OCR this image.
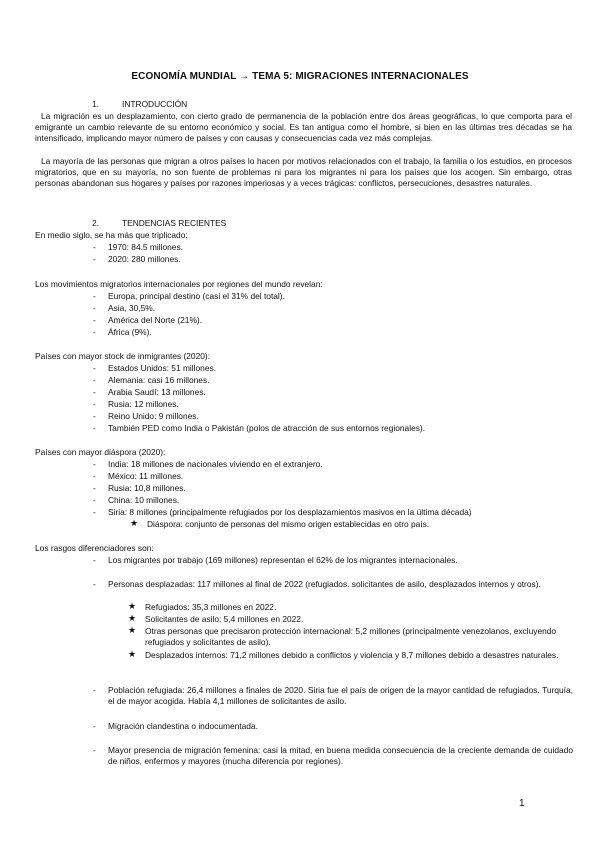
ECONOMÍA MUNDIAL → TEMA 5: MIGRACIONES INTERNACIONALES
1.	INTRODUCCIÓN

La migración es un desplazamiento, con cierto grado de permanencia de la población entre dos áreas geográficas, lo que comporta para el emigrante un cambio relevante de su entorno económico y social. Es tan antigua como el hombre, si bien en las últimas tres décadas se ha intensificado, implicando mayor número de países y con causas y consecuencias cada vez más complejas.

La mayoría de las personas que migran a otros países lo hacen por motivos relacionados con el trabajo, la familia o los estudios, en procesos migratorios, que en su mayoría, no son fuente de problemas ni para los migrantes ni para los países que los acogen. Sin embargo, otras personas abandonan sus hogares y países por razones imperiosas y a veces trágicas: conflictos, persecuciones, desastres naturales.

2.	TENDENCIAS RECIENTES
En medio siglo, se ha más que triplicado:
- 1970: 84.5 millones.
- 2020: 280 millones.
Los movimientos migratorios internacionales por regiones del mundo revelan:
- Europa, principal destino (casi el 31% del total).
- Asia, 30,5%.
- América del Norte (21%).
- África (9%).
Países con mayor stock de inmigrantes (2020):
- Estados Unidos: 51 millones.
- Alemania: casi 16 millones.
- Arabia Saudí: 13 millones.
- Rusia: 12 millones.
- Reino Unido: 9 millones.
- También PED como India o Pakistán (polos de atracción de sus entornos regionales).
Países con mayor diáspora (2020):
- India: 18 millones de nacionales viviendo en el extranjero.
- México: 11 millones.
- Rusia: 10,8 millones.
- China: 10 millones.
- Siria: 8 millones (principalmente refugiados por los desplazamientos masivos en la última década)
★ Diáspora: conjunto de personas del mismo origen establecidas en otro país.
Los rasgos diferenciadores son:
- Los migrantes por trabajo (169 millones) representan el 62% de los migrantes internacionales.
- Personas desplazadas: 117 millones al final de 2022 (refugiados. solicitantes de asilo, desplazados internos y otros).
★ Refugiados: 35,3 millones en 2022.
★ Solicitantes de asilo: 5,4 millones en 2022.
★ Otras personas que precisaron protección internacional: 5,2 millones (principalmente venezolanos, excluyendo refugiados y solicitantes de asilo).
★ Desplazados internos: 71,2 millones debido a conflictos y violencia y 8,7 millones debido a desastres naturales.
- Población refugiada: 26,4 millones a finales de 2020. Siria fue el país de origen de la mayor cantidad de refugiados. Turquía, el de mayor acogida. Había 4,1 millones de solicitantes de asilo.
- Migración clandestina o indocumentada.
- Mayor presencia de migración femenina: casi la mitad, en buena medida consecuencia de la creciente demanda de cuidado de niños, enfermos y mayores (mucha diferencia por regiones).
1
